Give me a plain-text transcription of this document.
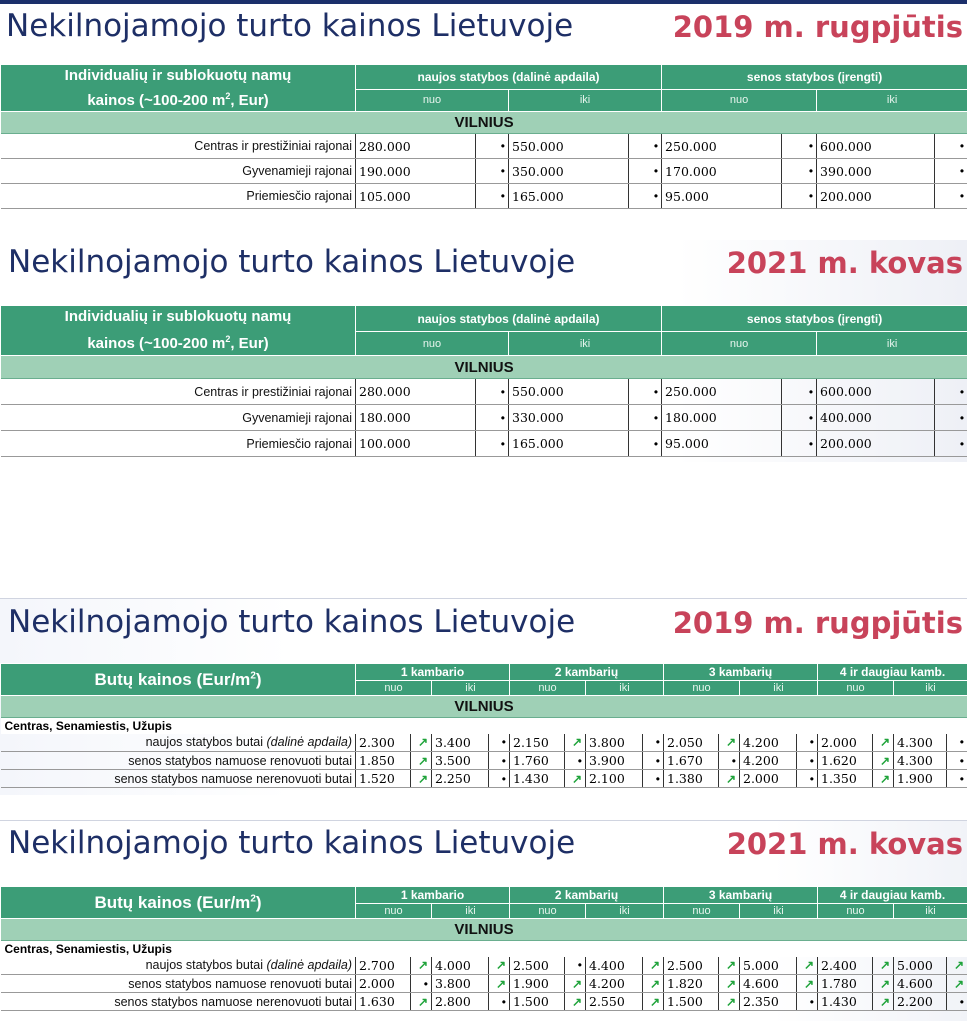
Nekilnojamojo turto kainos Lietuvoje	2019 m. rugpjūtis
Individualių ir sublokuotų namų
kainos (~100-200 $m^2$, Eur)	naujos statybos (dalinė apdaila)				senos statybos (įrengti)			
	nuo		iki		nuo		iki	
VILNIUS								
Centras ir prestižiniai rajonai	280.000	•	550.000	•	250.000	•	600.000	•
Gyvenamieji rajonai	190.000	•	350.000	•	170.000	•	390.000	•
Priemiesčio rajonai	105.000	•	165.000	•	95.000	•	200.000	•
Nekilnojamojo turto kainos Lietuvoje	2021 m. kovas
Individualių ir sublokuotų namų
kainos (~100-200 $m^2$, Eur)	naujos statybos (dalinė apdaila)				senos statybos (įrengti)			
	nuo		iki		nuo		iki	
VILNIUS								
Centras ir prestižiniai rajonai	280.000	•	550.000	•	250.000	•	600.000	•
Gyvenamieji rajonai	180.000	•	330.000	•	180.000	•	400.000	•
Priemiesčio rajonai	100.000	•	165.000	•	95.000	•	200.000	•
Nekilnojamojo turto kainos Lietuvoje	2019 m. rugpjūtis
Butų kainos $(Eur/m^2)$	1 kambario				2 kambarių				3 kambarių				4 ir daugiau kamb.			
	nuo		iki		nuo		iki		nuo		iki		nuo		iki	
VILNIUS																
Centras, Senamiestis, Užupis																
naujos statybos butai (dalinė apdaila)	2.300	↗	3.400	•	2.150	↗	3.800	•	2.050	↗	4.200	•	2.000	↗	4.300	•
senos statybos namuose renovuoti butai	1.850	↗	3.500	•	1.760	•	3.900	•	1.670	•	4.200	•	1.620	↗	4.300	•
senos statybos namuose nerenovuoti butai	1.520	↗	2.250	•	1.430	↗	2.100	•	1.380	↗	2.000	•	1.350	↗	1.900	•
Nekilnojamojo turto kainos Lietuvoje	2021 m. kovas
Butų kainos $(Eur/m^2)$	1 kambario				2 kambarių				3 kambarių				4 ir daugiau kamb.			
	nuo		iki		nuo		iki		nuo		iki		nuo		iki	
VILNIUS																
Centras, Senamiestis, Užupis																
naujos statybos butai (dalinė apdaila)	2.700	↗	4.000	↗	2.500	•	4.400	↗	2.500	↗	5.000	↗	2.400	↗	5.000	↗
senos statybos namuose renovuoti butai	2.000	•	3.800	↗	1.900	↗	4.200	↗	1.820	↗	4.600	↗	1.780	↗	4.600	↗
senos statybos namuose nerenovuoti butai	1.630	↗	2.800	•	1.500	↗	2.550	↗	1.500	↗	2.350	•	1.430	↗	2.200	•
